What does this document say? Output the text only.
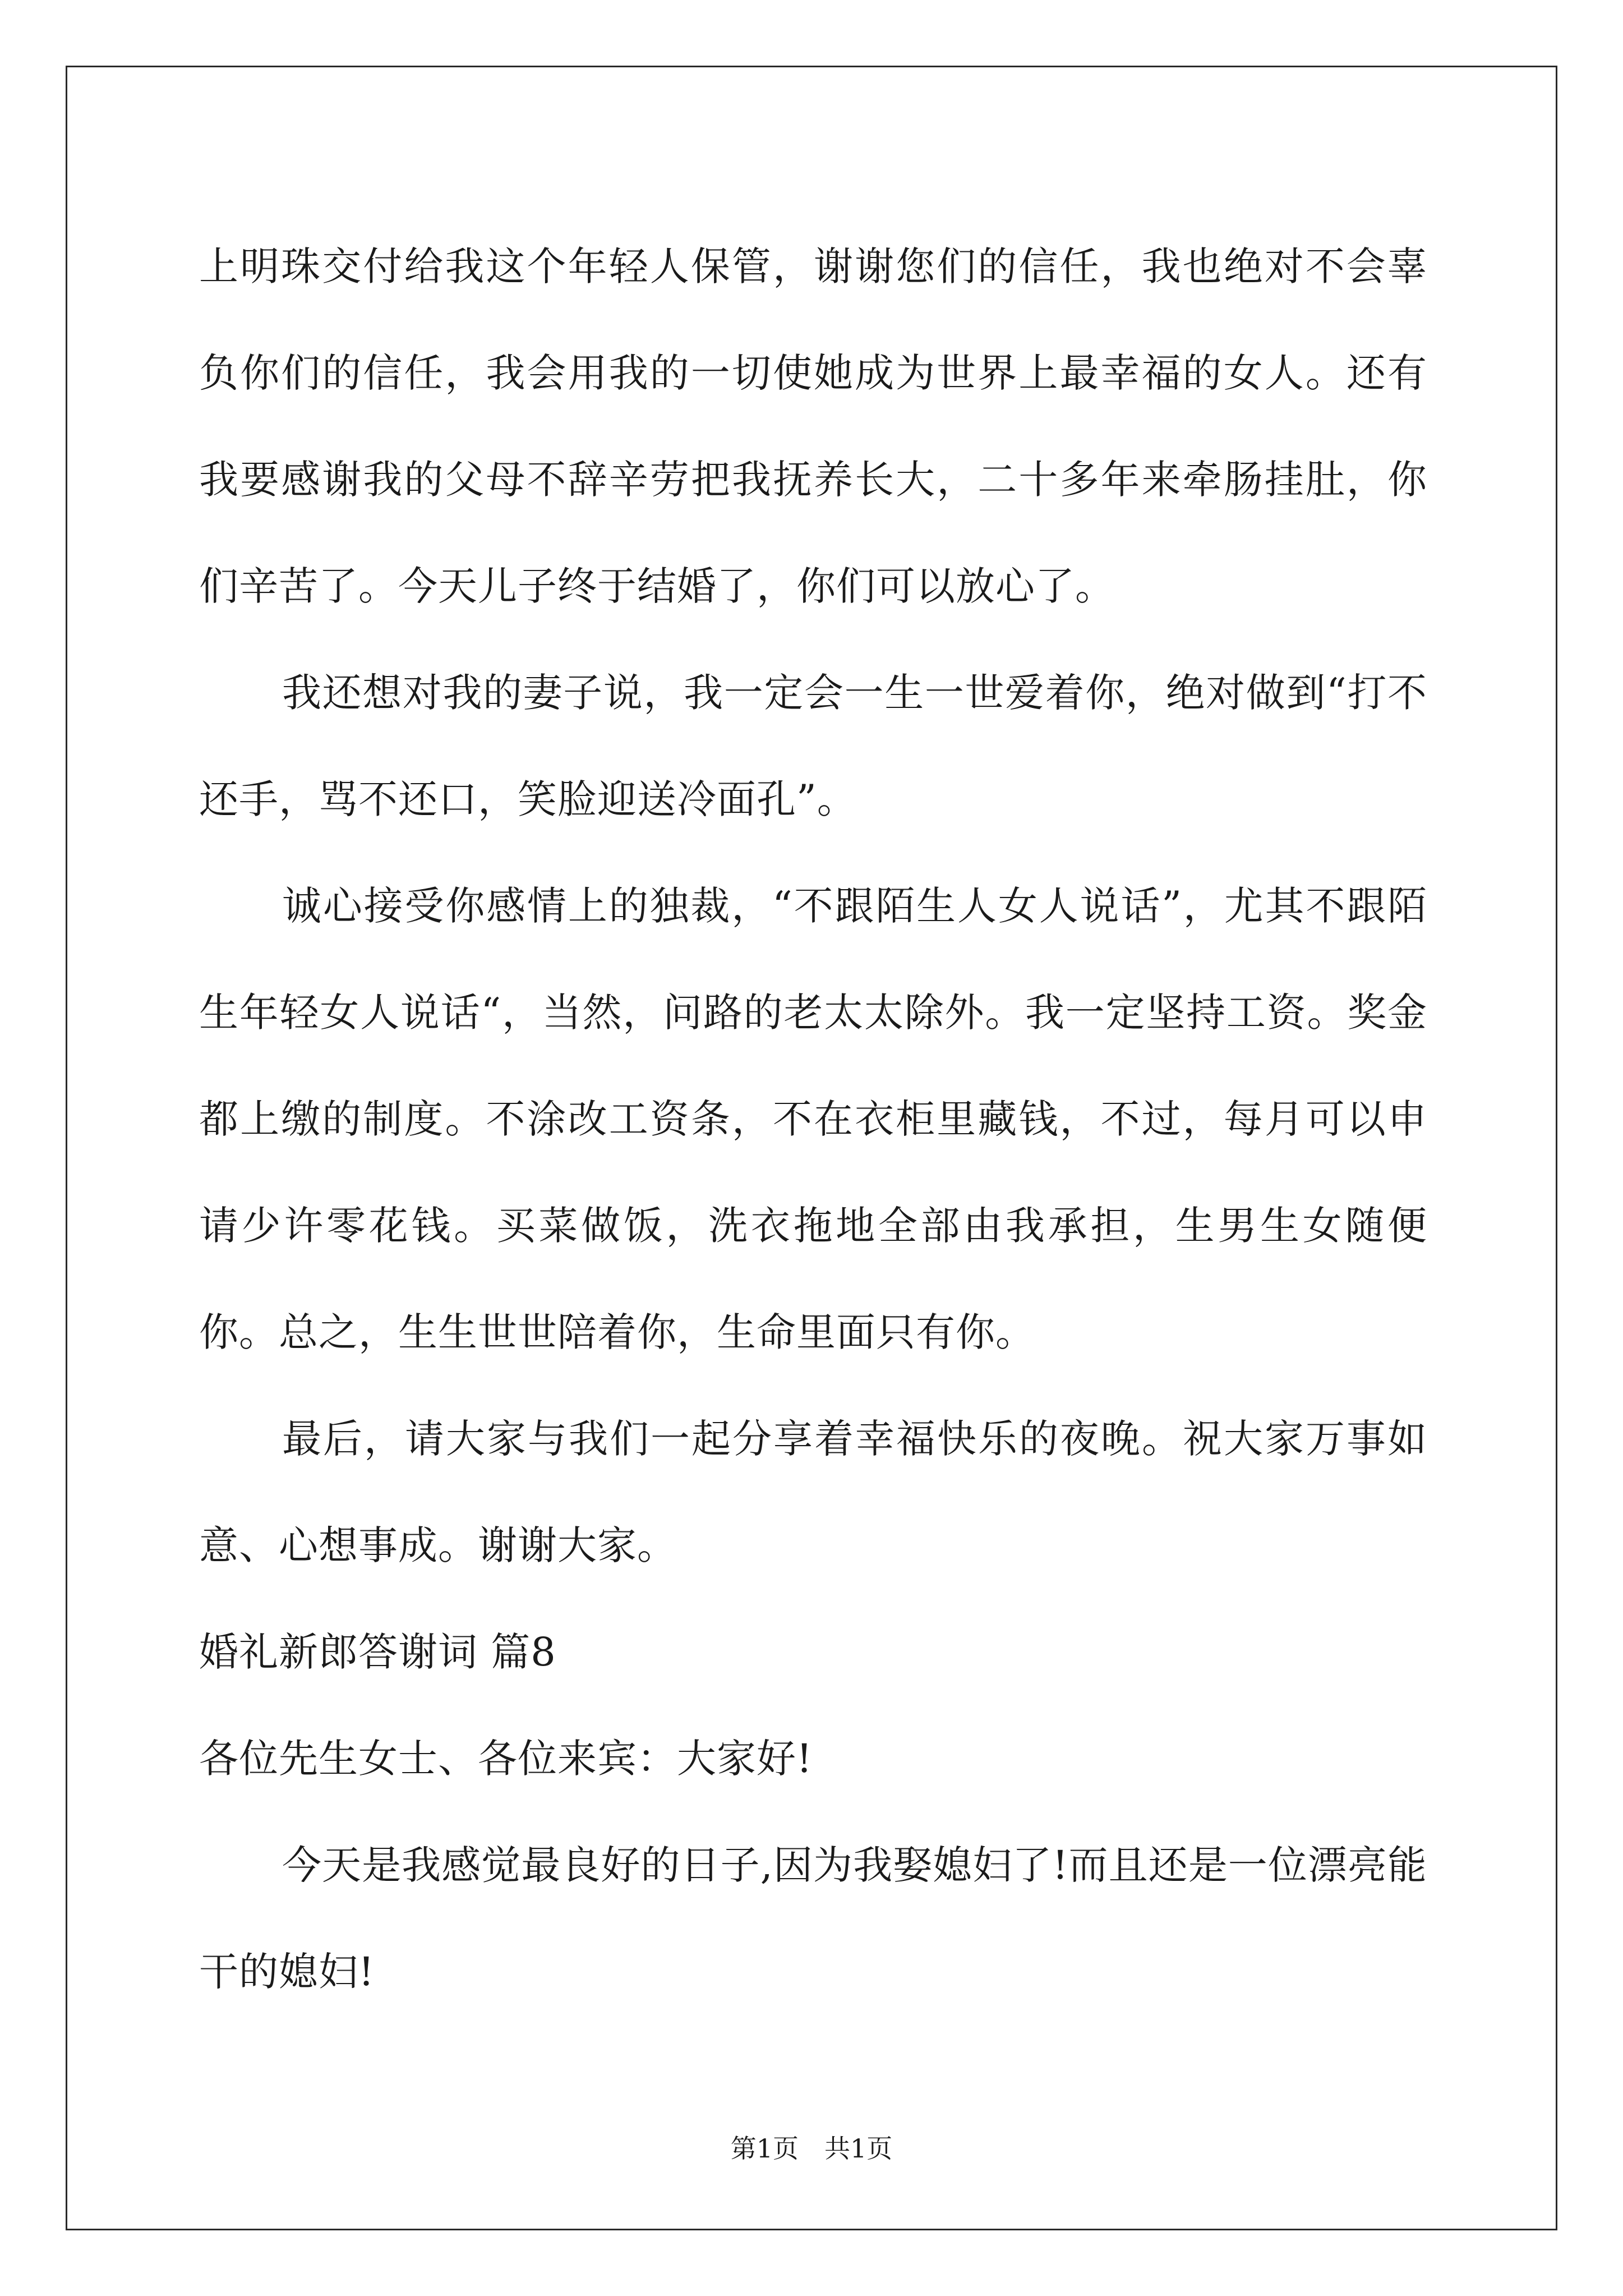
上明珠交付给我这个年轻人保管，谢谢您们的信任，我也绝对不会辜负你们的信任，我会用我的一切使她成为世界上最幸福的女人。还有我要感谢我的父母不辞辛劳把我抚养长大，二十多年来牵肠挂肚，你们辛苦了。今天儿子终于结婚了，你们可以放心了。

我还想对我的妻子说，我一定会一生一世爱着你，绝对做到“打不还手，骂不还口，笑脸迎送冷面孔”。

诚心接受你感情上的独裁，“不跟陌生人女人说话”，尤其不跟陌生年轻女人说话“，当然，问路的老太太除外。我一定坚持工资。奖金都上缴的制度。不涂改工资条，不在衣柜里藏钱，不过，每月可以申请少许零花钱。买菜做饭，洗衣拖地全部由我承担，生男生女随便你。总之，生生世世陪着你，生命里面只有你。

最后，请大家与我们一起分享着幸福快乐的夜晚。祝大家万事如意、心想事成。谢谢大家。

婚礼新郎答谢词 篇8

各位先生女士、各位来宾：大家好!

今天是我感觉最良好的日子,因为我娶媳妇了!而且还是一位漂亮能干的媳妇!

第1页　共1页
